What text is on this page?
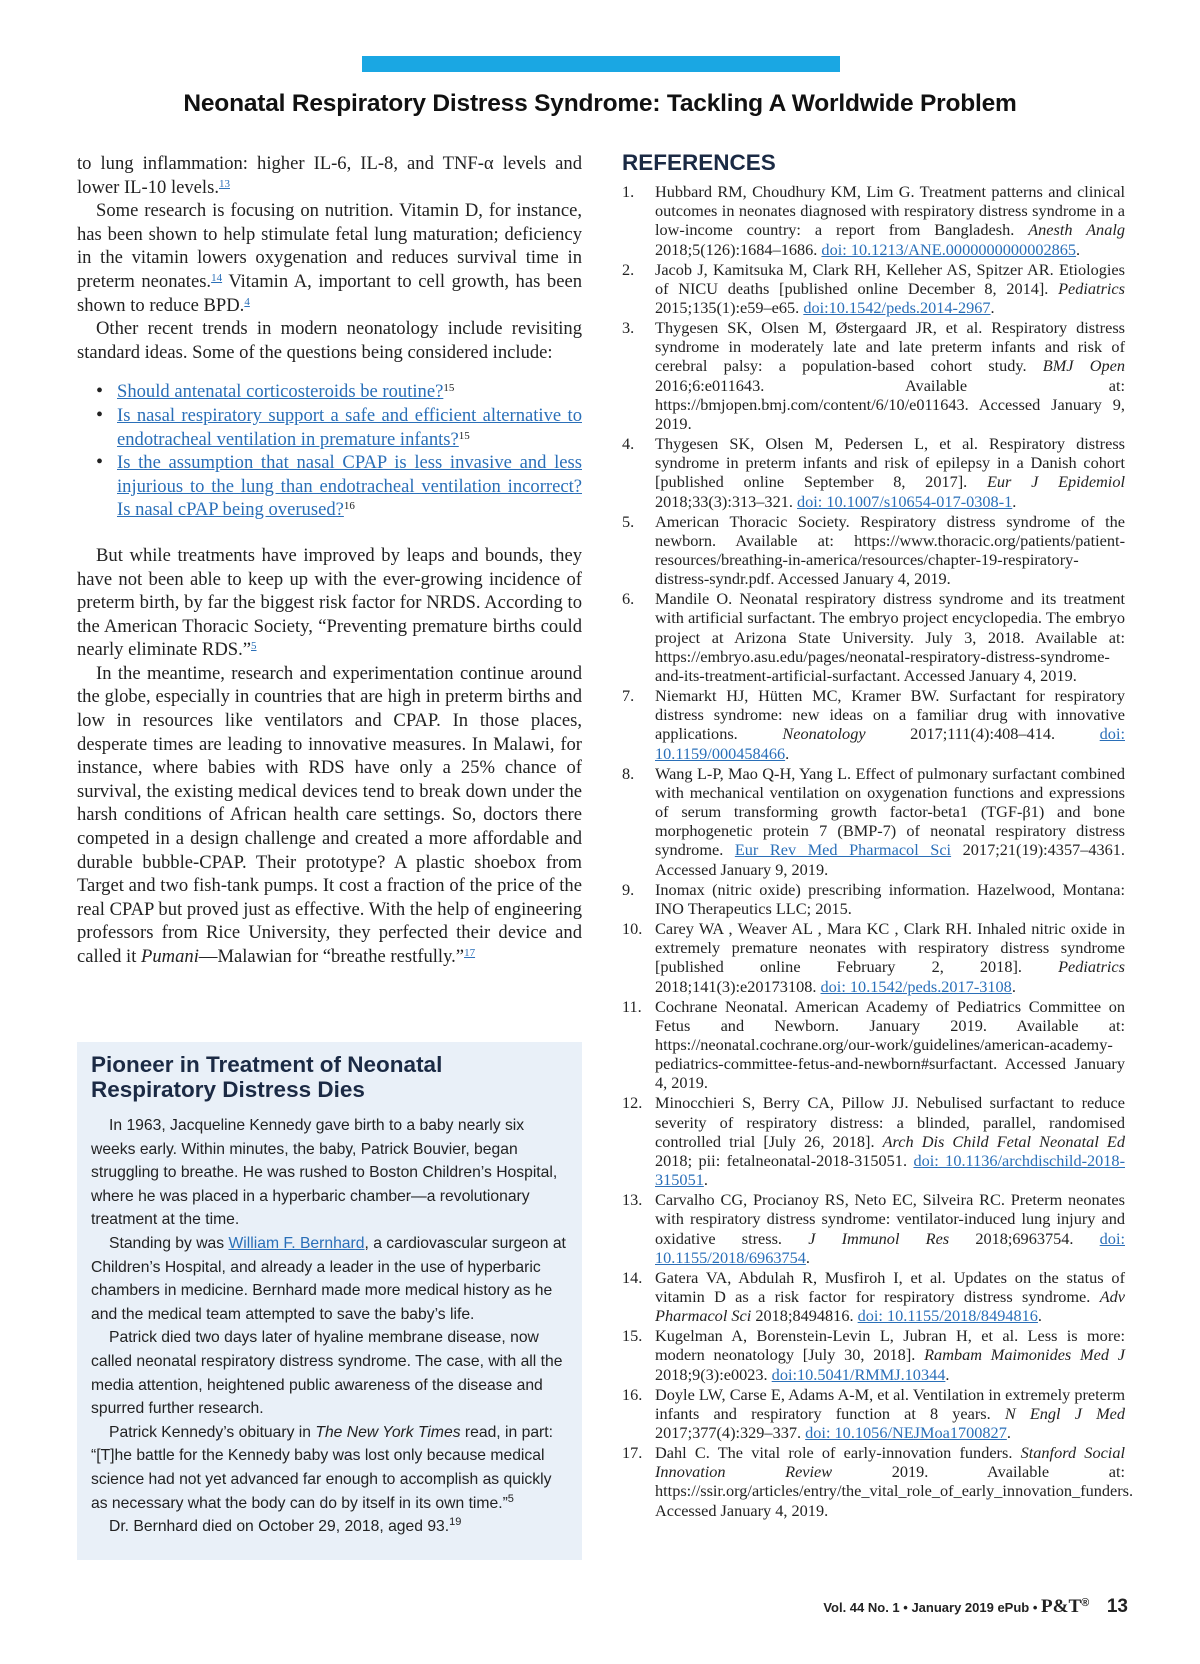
Neonatal Respiratory Distress Syndrome: Tackling A Worldwide Problem

to lung inflammation: higher IL-6, IL-8, and TNF-α levels and lower IL-10 levels.$^{13}$

Some research is focusing on nutrition. Vitamin D, for instance, has been shown to help stimulate fetal lung maturation; deficiency in the vitamin lowers oxygenation and reduces survival time in preterm neonates.$^{14}$ Vitamin A, important to cell growth, has been shown to reduce BPD.$^4$

Other recent trends in modern neonatology include revisiting standard ideas. Some of the questions being considered include:

• Should antenatal corticosteroids be routine?$^{15}$
• Is nasal respiratory support a safe and efficient alternative to endotracheal ventilation in premature infants?$^{15}$
• Is the assumption that nasal CPAP is less invasive and less injurious to the lung than endotracheal ventilation incorrect? Is nasal cPAP being overused?$^{16}$

But while treatments have improved by leaps and bounds, they have not been able to keep up with the ever-growing incidence of preterm birth, by far the biggest risk factor for NRDS. According to the American Thoracic Society, “Preventing premature births could nearly eliminate RDS.”$^5$

In the meantime, research and experimentation continue around the globe, especially in countries that are high in preterm births and low in resources like ventilators and CPAP. In those places, desperate times are leading to innovative measures. In Malawi, for instance, where babies with RDS have only a 25% chance of survival, the existing medical devices tend to break down under the harsh conditions of African health care settings. So, doctors there competed in a design challenge and created a more affordable and durable bubble-CPAP. Their prototype? A plastic shoebox from Target and two fish-tank pumps. It cost a fraction of the price of the real CPAP but proved just as effective. With the help of engineering professors from Rice University, they perfected their device and called it Pumani—Malawian for “breathe restfully.”$^{17}$

Pioneer in Treatment of Neonatal Respiratory Distress Dies

In 1963, Jacqueline Kennedy gave birth to a baby nearly six weeks early. Within minutes, the baby, Patrick Bouvier, began struggling to breathe. He was rushed to Boston Children’s Hospital, where he was placed in a hyperbaric chamber—a revolutionary treatment at the time.

Standing by was William F. Bernhard, a cardiovascular surgeon at Children’s Hospital, and already a leader in the use of hyperbaric chambers in medicine. Bernhard made more medical history as he and the medical team attempted to save the baby’s life.

Patrick died two days later of hyaline membrane disease, now called neonatal respiratory distress syndrome. The case, with all the media attention, heightened public awareness of the disease and spurred further research.

Patrick Kennedy’s obituary in The New York Times read, in part: “[T]he battle for the Kennedy baby was lost only because medical science had not yet advanced far enough to accomplish as quickly as necessary what the body can do by itself in its own time.”$^5$

Dr. Bernhard died on October 29, 2018, aged 93.19

REFERENCES
1. Hubbard RM, Choudhury KM, Lim G. Treatment patterns and clinical outcomes in neonates diagnosed with respiratory distress syndrome in a low-income country: a report from Bangladesh. Anesth Analg 2018;5(126):1684–1686. doi: 10.1213/ANE.0000000000002865.
2. Jacob J, Kamitsuka M, Clark RH, Kelleher AS, Spitzer AR. Etiologies of NICU deaths [published online December 8, 2014]. Pediatrics 2015;135(1):e59–e65. doi:10.1542/peds.2014-2967.
3. Thygesen SK, Olsen M, Østergaard JR, et al. Respiratory distress syndrome in moderately late and late preterm infants and risk of cerebral palsy: a population-based cohort study. BMJ Open 2016;6:e011643. Available at: https://bmjopen.bmj.com/content/6/10/e011643. Accessed January 9, 2019.
4. Thygesen SK, Olsen M, Pedersen L, et al. Respiratory distress syndrome in preterm infants and risk of epilepsy in a Danish cohort [published online September 8, 2017]. Eur J Epidemiol 2018;33(3):313–321. doi: 10.1007/s10654-017-0308-1.
5. American Thoracic Society. Respiratory distress syndrome of the newborn. Available at: https://www.thoracic.org/patients/patient-resources/breathing-in-america/resources/chapter-19-respiratory-distress-syndr.pdf. Accessed January 4, 2019.
6. Mandile O. Neonatal respiratory distress syndrome and its treatment with artificial surfactant. The embryo project encyclopedia. The embryo project at Arizona State University. July 3, 2018. Available at: https://embryo.asu.edu/pages/neonatal-respiratory-distress-syndrome-and-its-treatment-artificial-surfactant. Accessed January 4, 2019.
7. Niemarkt HJ, Hütten MC, Kramer BW. Surfactant for respiratory distress syndrome: new ideas on a familiar drug with innovative applications. Neonatology 2017;111(4):408–414. doi: 10.1159/000458466.
8. Wang L-P, Mao Q-H, Yang L. Effect of pulmonary surfactant combined with mechanical ventilation on oxygenation functions and expressions of serum transforming growth factor-beta1 (TGF-β1) and bone morphogenetic protein 7 (BMP-7) of neonatal respiratory distress syndrome. Eur Rev Med Pharmacol Sci 2017;21(19):4357–4361. Accessed January 9, 2019.
9. Inomax (nitric oxide) prescribing information. Hazelwood, Montana: INO Therapeutics LLC; 2015.
10. Carey WA , Weaver AL , Mara KC , Clark RH. Inhaled nitric oxide in extremely premature neonates with respiratory distress syndrome [published online February 2, 2018]. Pediatrics 2018;141(3):e20173108. doi: 10.1542/peds.2017-3108.
11. Cochrane Neonatal. American Academy of Pediatrics Committee on Fetus and Newborn. January 2019. Available at: https://neonatal.cochrane.org/our-work/guidelines/american-academy-pediatrics-committee-fetus-and-newborn#surfactant. Accessed January 4, 2019.
12. Minocchieri S, Berry CA, Pillow JJ. Nebulised surfactant to reduce severity of respiratory distress: a blinded, parallel, randomised controlled trial [July 26, 2018]. Arch Dis Child Fetal Neonatal Ed 2018; pii: fetalneonatal-2018-315051. doi: 10.1136/archdischild-2018-315051.
13. Carvalho CG, Procianoy RS, Neto EC, Silveira RC. Preterm neonates with respiratory distress syndrome: ventilator-induced lung injury and oxidative stress. J Immunol Res 2018;6963754. doi: 10.1155/2018/6963754.
14. Gatera VA, Abdulah R, Musfiroh I, et al. Updates on the status of vitamin D as a risk factor for respiratory distress syndrome. Adv Pharmacol Sci 2018;8494816. doi: 10.1155/2018/8494816.
15. Kugelman A, Borenstein-Levin L, Jubran H, et al. Less is more: modern neonatology [July 30, 2018]. Rambam Maimonides Med J 2018;9(3):e0023. doi:10.5041/RMMJ.10344.
16. Doyle LW, Carse E, Adams A-M, et al. Ventilation in extremely preterm infants and respiratory function at 8 years. N Engl J Med 2017;377(4):329–337. doi: 10.1056/NEJMoa1700827.
17. Dahl C. The vital role of early-innovation funders. Stanford Social Innovation Review 2019. Available at: https://ssir.org/articles/entry/the_vital_role_of_early_innovation_funders. Accessed January 4, 2019.
Vol. 44 No. 1 • January 2019 ePub • P&T® 13
